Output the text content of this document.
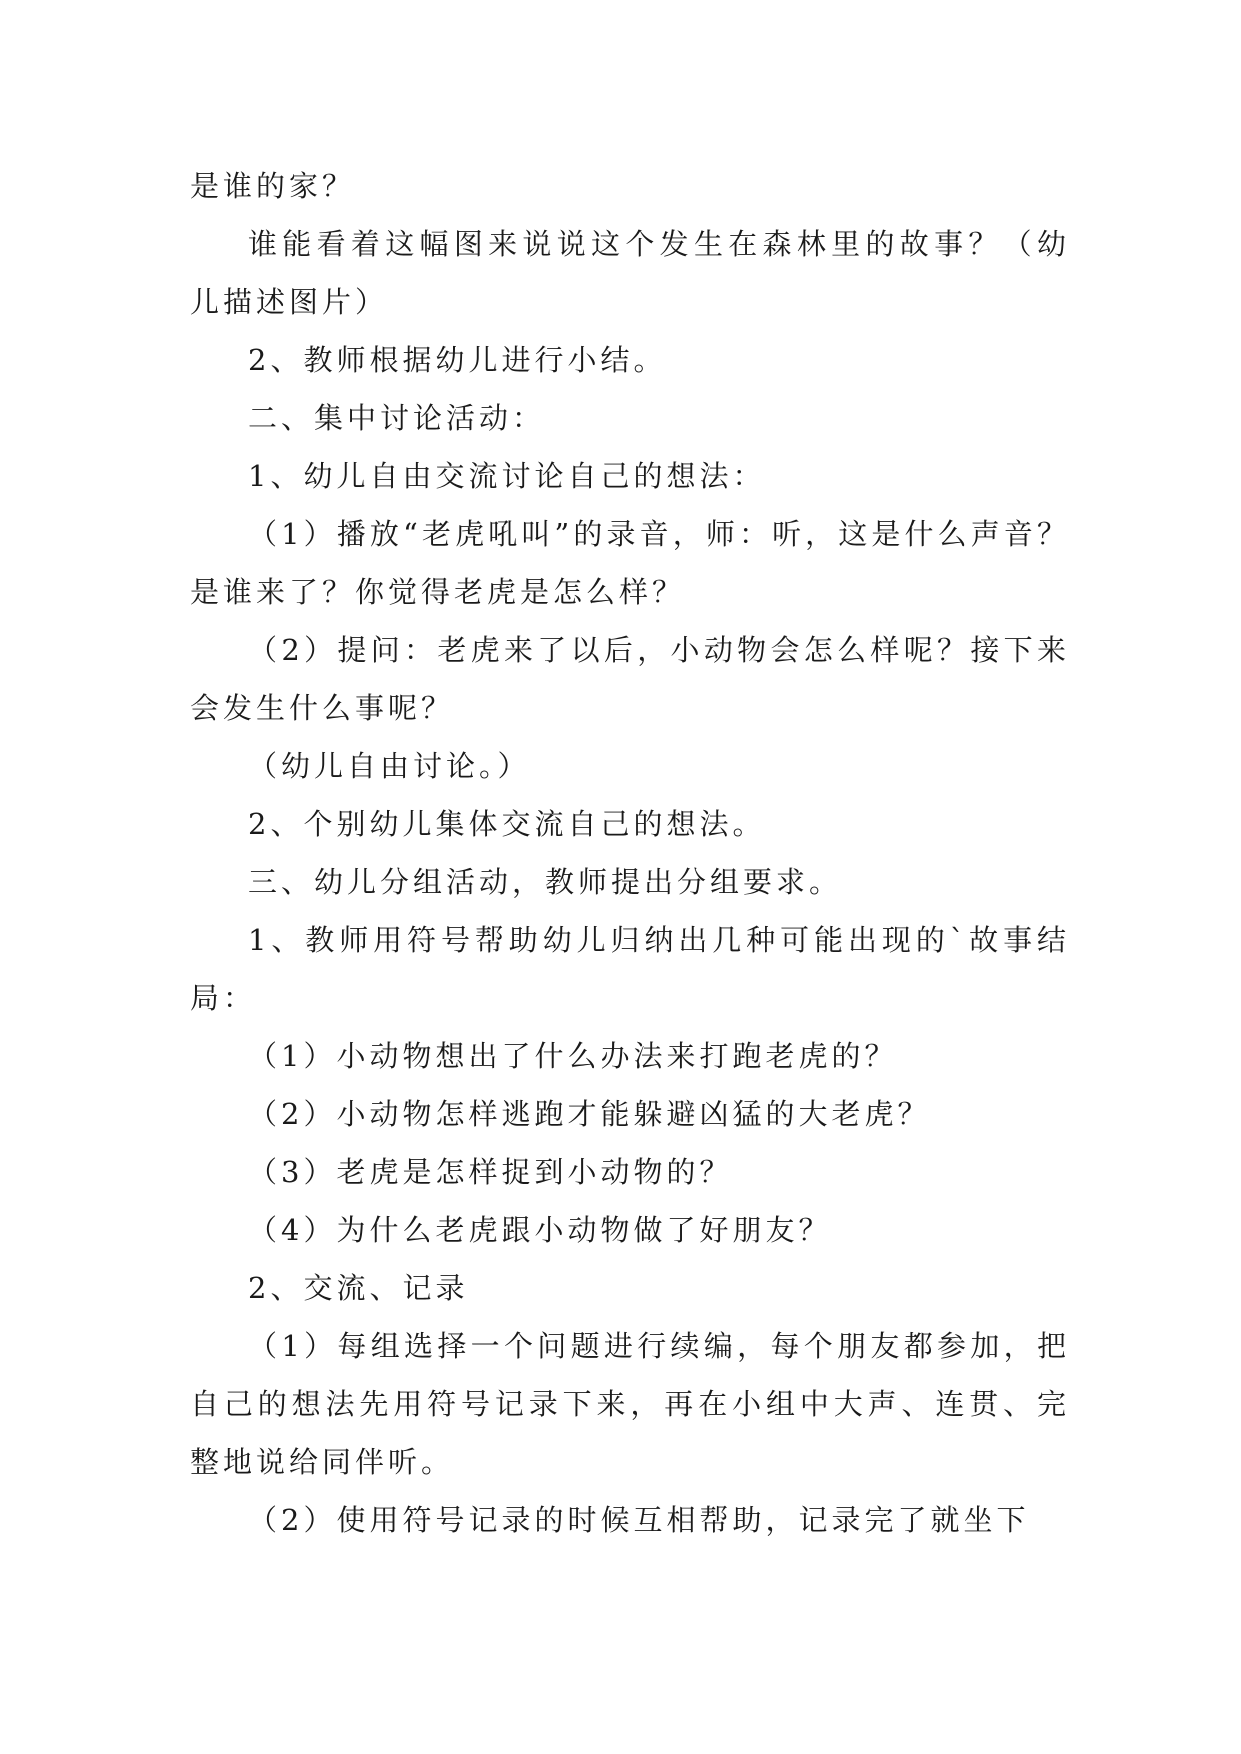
是谁的家？

谁能看着这幅图来说说这个发生在森林里的故事？（幼儿描述图片）

2、教师根据幼儿进行小结。

二、集中讨论活动：

1、幼儿自由交流讨论自己的想法：

（1）播放“老虎吼叫”的录音，师：听，这是什么声音？是谁来了？你觉得老虎是怎么样？

（2）提问：老虎来了以后，小动物会怎么样呢？接下来会发生什么事呢？

（幼儿自由讨论。）

2、个别幼儿集体交流自己的想法。

三、幼儿分组活动，教师提出分组要求。

1、教师用符号帮助幼儿归纳出几种可能出现的`故事结局：

（1）小动物想出了什么办法来打跑老虎的？

（2）小动物怎样逃跑才能躲避凶猛的大老虎？

（3）老虎是怎样捉到小动物的？

（4）为什么老虎跟小动物做了好朋友？

2、交流、记录

（1）每组选择一个问题进行续编，每个朋友都参加，把自己的想法先用符号记录下来，再在小组中大声、连贯、完整地说给同伴听。

（2）使用符号记录的时候互相帮助，记录完了就坐下
